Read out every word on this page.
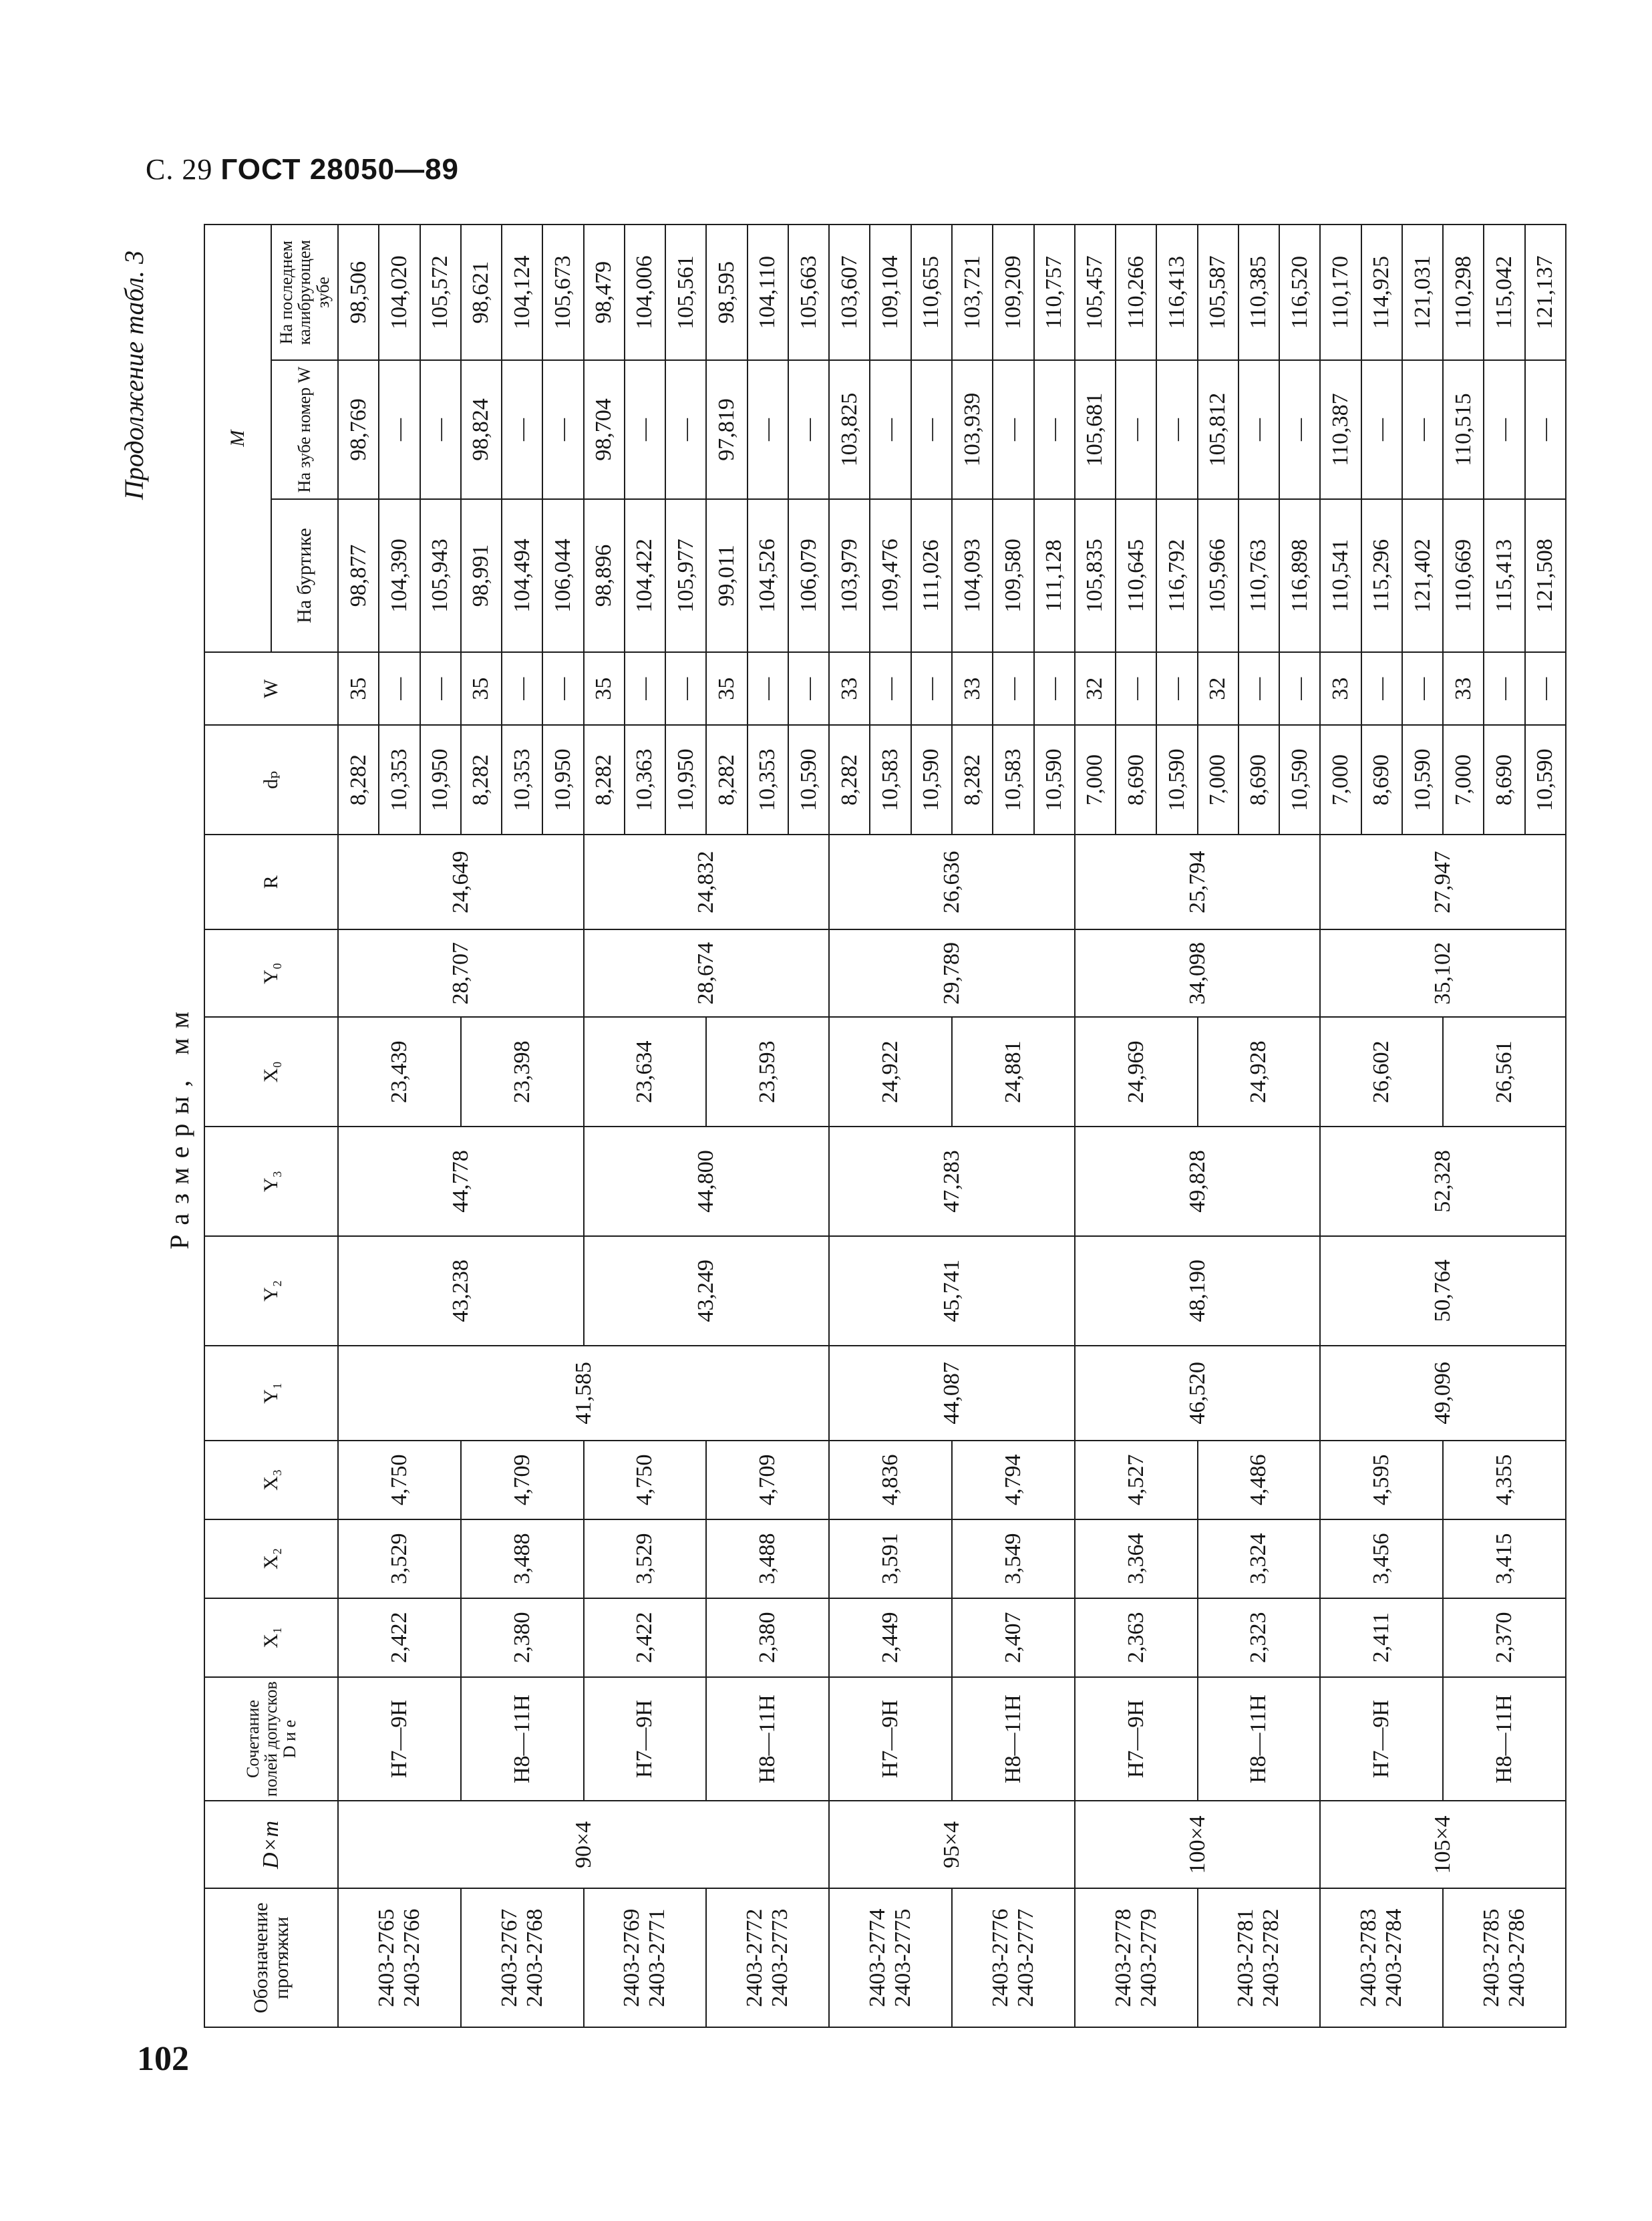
С. 29 ГОСТ 28050—89
Продолжение табл. 3
Размеры, мм
Обозначение протяжки	D×m	Сочетание полей допусков D и e	X₁	X₂	X₃	Y₁	Y₂	Y₃	X₀	Y₀	R	dₚ	W	M		
														На буртике	На зубе номер W	На последнем калибрующем зубе

2403-2765 2403-2766	90×4	H7—9H	2,422	3,529	4,750	41,585	43,238	44,778	23,439	28,707	24,649	8,282	35	98,877	98,769	98,506
												10,353	—	104,390	—	104,020
												10,950	—	105,943	—	105,572

2403-2767 2403-2768		H8—11H	2,380	3,488	4,709				23,398			8,282	35	98,991	98,824	98,621
												10,353	—	104,494	—	104,124
												10,950	—	106,044	—	105,673

2403-2769 2403-2771		H7—9H	2,422	3,529	4,750		43,249	44,800	23,634	28,674	24,832	8,282	35	98,896	98,704	98,479
												10,363	—	104,422	—	104,006
												10,950	—	105,977	—	105,561

2403-2772 2403-2773		H8—11H	2,380	3,488	4,709				23,593			8,282	35	99,011	97,819	98,595
												10,353	—	104,526	—	104,110
												10,590	—	106,079	—	105,663

2403-2774 2403-2775	95×4	H7—9H	2,449	3,591	4,836	44,087	45,741	47,283	24,922	29,789	26,636	8,282	33	103,979	103,825	103,607
												10,583	—	109,476	—	109,104
												10,590	—	111,026	—	110,655

2403-2776 2403-2777		H8—11H	2,407	3,549	4,794				24,881			8,282	33	104,093	103,939	103,721
												10,583	—	109,580	—	109,209
												10,590	—	111,128	—	110,757

2403-2778 2403-2779	100×4	H7—9H	2,363	3,364	4,527	46,520	48,190	49,828	24,969	34,098	25,794	7,000	32	105,835	105,681	105,457
												8,690	—	110,645	—	110,266
												10,590	—	116,792	—	116,413

2403-2781 2403-2782		H8—11H	2,323	3,324	4,486				24,928			7,000	32	105,966	105,812	105,587
												8,690	—	110,763	—	110,385
												10,590	—	116,898	—	116,520

2403-2783 2403-2784	105×4	H7—9H	2,411	3,456	4,595	49,096	50,764	52,328	26,602	35,102	27,947	7,000	33	110,541	110,387	110,170
												8,690	—	115,296	—	114,925
												10,590	—	121,402	—	121,031

2403-2785 2403-2786		H8—11H	2,370	3,415	4,355				26,561			7,000	33	110,669	110,515	110,298
												8,690	—	115,413	—	115,042
												10,590	—	121,508	—	121,137
102
